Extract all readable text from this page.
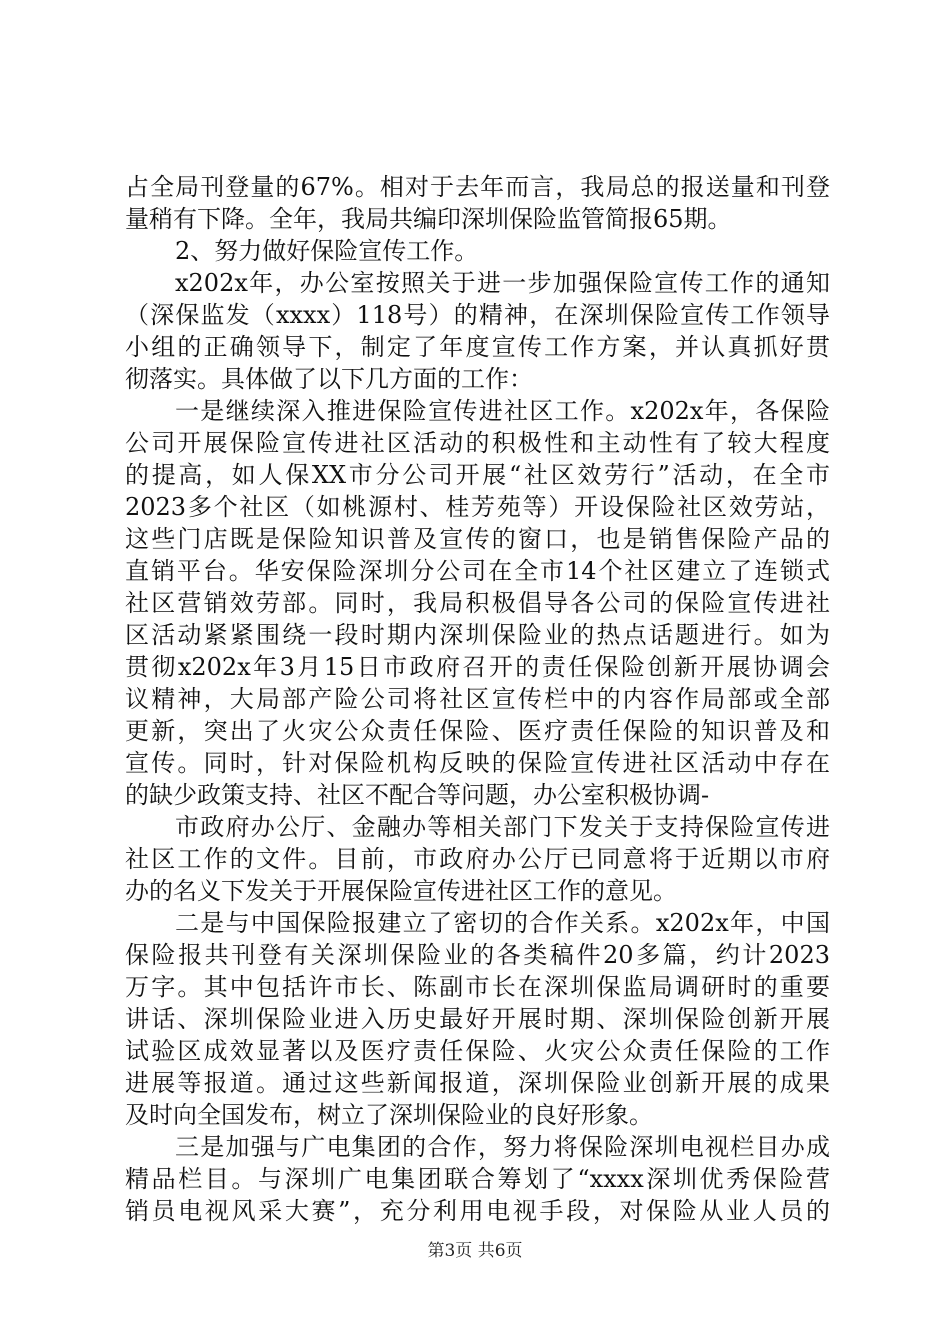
占全局刊登量的67%。相对于去年而言，我局总的报送量和刊登
量稍有下降。全年，我局共编印深圳保险监管简报65期。
2、努力做好保险宣传工作。
x202x年，办公室按照关于进一步加强保险宣传工作的通知
（深保监发（xxxx）118号）的精神，在深圳保险宣传工作领导
小组的正确领导下，制定了年度宣传工作方案，并认真抓好贯
彻落实。具体做了以下几方面的工作：
一是继续深入推进保险宣传进社区工作。x202x年，各保险
公司开展保险宣传进社区活动的积极性和主动性有了较大程度
的提高，如人保XX市分公司开展“社区效劳行”活动，在全市
2023多个社区（如桃源村、桂芳苑等）开设保险社区效劳站，
这些门店既是保险知识普及宣传的窗口，也是销售保险产品的
直销平台。华安保险深圳分公司在全市14个社区建立了连锁式
社区营销效劳部。同时，我局积极倡导各公司的保险宣传进社
区活动紧紧围绕一段时期内深圳保险业的热点话题进行。如为
贯彻x202x年3月15日市政府召开的责任保险创新开展协调会
议精神，大局部产险公司将社区宣传栏中的内容作局部或全部
更新，突出了火灾公众责任保险、医疗责任保险的知识普及和
宣传。同时，针对保险机构反映的保险宣传进社区活动中存在
的缺少政策支持、社区不配合等问题，办公室积极协调-
市政府办公厅、金融办等相关部门下发关于支持保险宣传进
社区工作的文件。目前，市政府办公厅已同意将于近期以市府
办的名义下发关于开展保险宣传进社区工作的意见。
二是与中国保险报建立了密切的合作关系。x202x年，中国
保险报共刊登有关深圳保险业的各类稿件20多篇，约计2023
万字。其中包括许市长、陈副市长在深圳保监局调研时的重要
讲话、深圳保险业进入历史最好开展时期、深圳保险创新开展
试验区成效显著以及医疗责任保险、火灾公众责任保险的工作
进展等报道。通过这些新闻报道，深圳保险业创新开展的成果
及时向全国发布，树立了深圳保险业的良好形象。
三是加强与广电集团的合作，努力将保险深圳电视栏目办成
精品栏目。与深圳广电集团联合筹划了“xxxx深圳优秀保险营
销员电视风采大赛”，充分利用电视手段，对保险从业人员的
第3页 共6页
